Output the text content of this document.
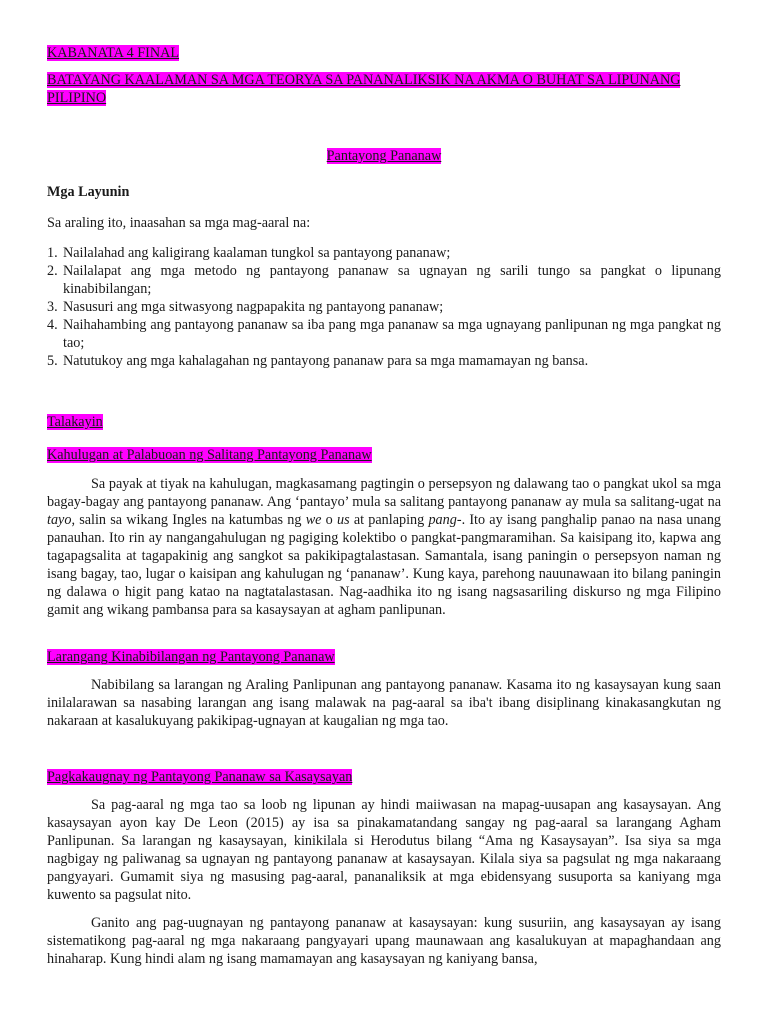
KABANATA 4 FINAL
BATAYANG KAALAMAN SA MGA TEORYA SA PANANALIKSIK NA AKMA O BUHAT SA LIPUNANG PILIPINO
Pantayong Pananaw
Mga Layunin
Sa araling ito, inaasahan sa mga mag-aaral na:
1. Nailalahad ang kaligirang kaalaman tungkol sa pantayong pananaw;
2. Nailalapat ang mga metodo ng pantayong pananaw sa ugnayan ng sarili tungo sa pangkat o lipunang kinabibilangan;
3. Nasusuri ang mga sitwasyong nagpapakita ng pantayong pananaw;
4. Naihahambing ang pantayong pananaw sa iba pang mga pananaw sa mga ugnayang panlipunan ng mga pangkat ng tao;
5. Natutukoy ang mga kahalagahan ng pantayong pananaw para sa mga mamamayan ng bansa.
Talakayin
Kahulugan at Palabuoan ng Salitang Pantayong Pananaw

Sa payak at tiyak na kahulugan, magkasamang pagtingin o persepsyon ng dalawang tao o pangkat ukol sa mga bagay-bagay ang pantayong pananaw. Ang ‘pantayo’ mula sa salitang pantayong pananaw ay mula sa salitang-ugat na tayo, salin sa wikang Ingles na katumbas ng we o us at panlaping pang-. Ito ay isang panghalip panao na nasa unang panauhan. Ito rin ay nangangahulugan ng pagiging kolektibo o pangkat-pangmaramihan. Sa kaisipang ito, kapwa ang tagapagsalita at tagapakinig ang sangkot sa pakikipagtalastasan. Samantala, isang paningin o persepsyon naman ng isang bagay, tao, lugar o kaisipan ang kahulugan ng ‘pananaw’. Kung kaya, parehong nauunawaan ito bilang paningin ng dalawa o higit pang katao na nagtatalastasan. Nag-aadhika ito ng isang nagsasariling diskurso ng mga Filipino gamit ang wikang pambansa para sa kasaysayan at agham panlipunan.

Larangang Kinabibilangan ng Pantayong Pananaw

Nabibilang sa larangan ng Araling Panlipunan ang pantayong pananaw. Kasama ito ng kasaysayan kung saan inilalarawan sa nasabing larangan ang isang malawak na pag-aaral sa iba't ibang disiplinang kinakasangkutan ng nakaraan at kasalukuyang pakikipag-ugnayan at kaugalian ng mga tao.

Pagkakaugnay ng Pantayong Pananaw sa Kasaysayan

Sa pag-aaral ng mga tao sa loob ng lipunan ay hindi maiiwasan na mapag-uusapan ang kasaysayan. Ang kasaysayan ayon kay De Leon (2015) ay isa sa pinakamatandang sangay ng pag-aaral sa larangang Agham Panlipunan. Sa larangan ng kasaysayan, kinikilala si Herodutus bilang “Ama ng Kasaysayan”. Isa siya sa mga nagbigay ng paliwanag sa ugnayan ng pantayong pananaw at kasaysayan. Kilala siya sa pagsulat ng mga nakaraang pangyayari. Gumamit siya ng masusing pag-aaral, pananaliksik at mga ebidensyang susuporta sa kaniyang mga kuwento sa pagsulat nito.

Ganito ang pag-uugnayan ng pantayong pananaw at kasaysayan: kung susuriin, ang kasaysayan ay isang sistematikong pag-aaral ng mga nakaraang pangyayari upang maunawaan ang kasalukuyan at mapaghandaan ang hinaharap. Kung hindi alam ng isang mamamayan ang kasaysayan ng kaniyang bansa,
